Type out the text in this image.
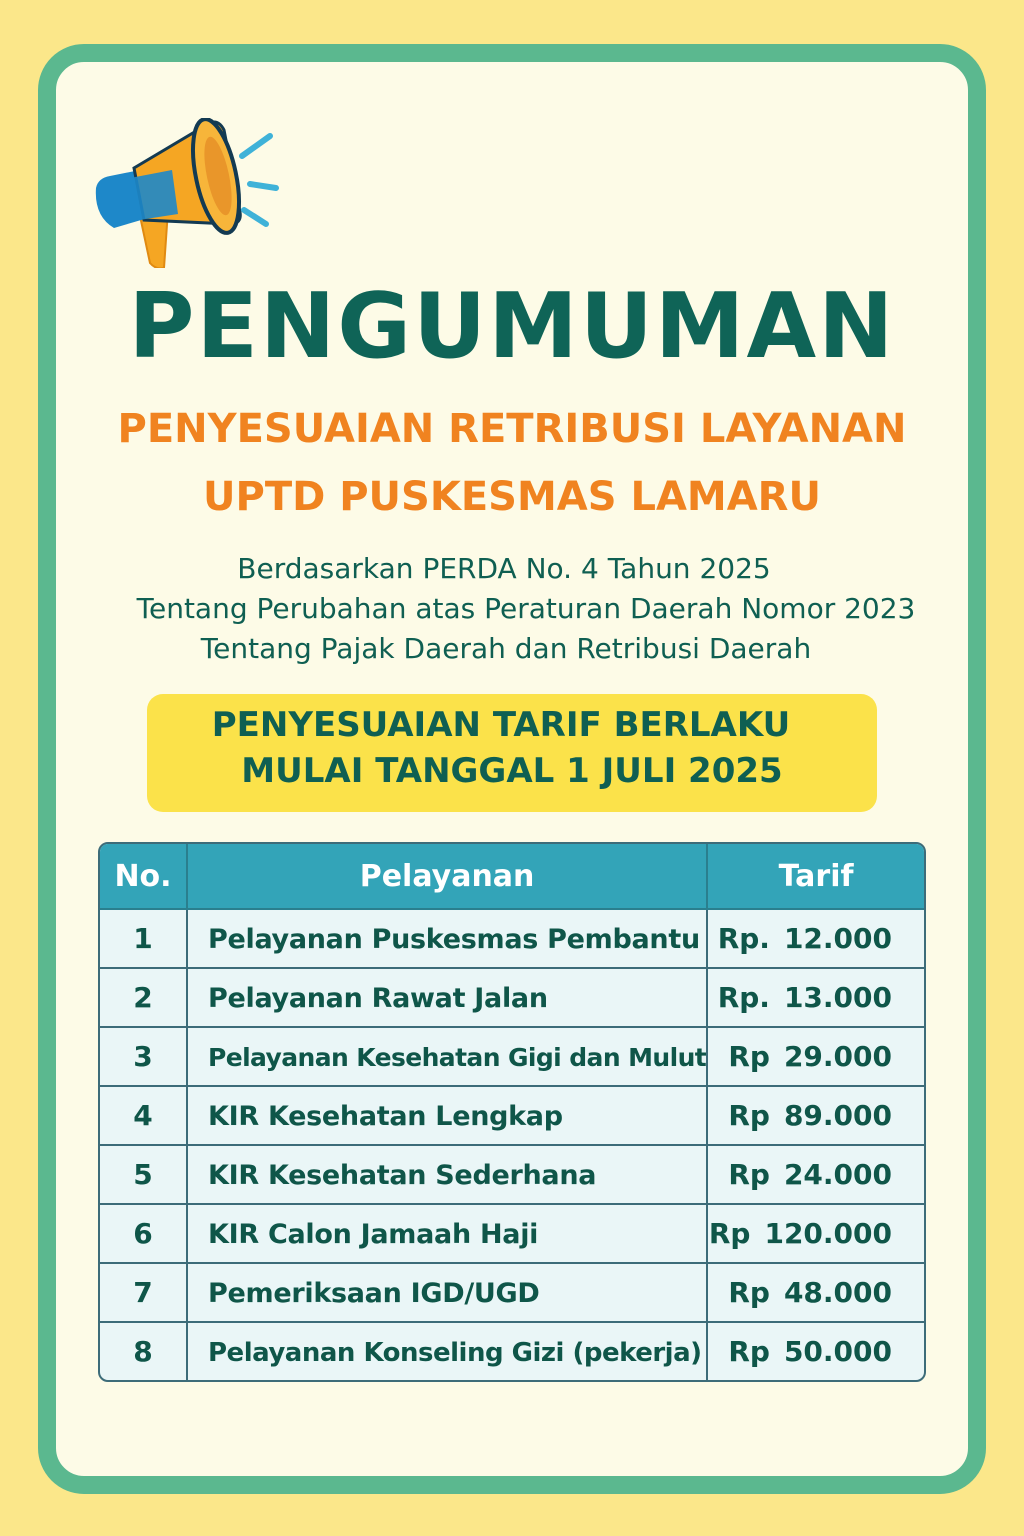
PENGUMUMAN
PENYESUAIAN RETRIBUSI LAYANAN
UPTD PUSKESMAS LAMARU
Berdasarkan PERDA No. 4 Tahun 2025
Tentang Perubahan atas Peraturan Daerah Nomor 2023
Tentang Pajak Daerah dan Retribusi Daerah
PENYESUAIAN TARIF BERLAKU
MULAI TANGGAL 1 JULI 2025
No.	Pelayanan	Tarif
1	Pelayanan Puskesmas Pembantu	Rp. 12.000
2	Pelayanan Rawat Jalan	Rp. 13.000
3	Pelayanan Kesehatan Gigi dan Mulut	Rp 29.000
4	KIR Kesehatan Lengkap	Rp 89.000
5	KIR Kesehatan Sederhana	Rp 24.000
6	KIR Calon Jamaah Haji	Rp 120.000
7	Pemeriksaan IGD/UGD	Rp 48.000
8	Pelayanan Konseling Gizi (pekerja)	Rp 50.000
